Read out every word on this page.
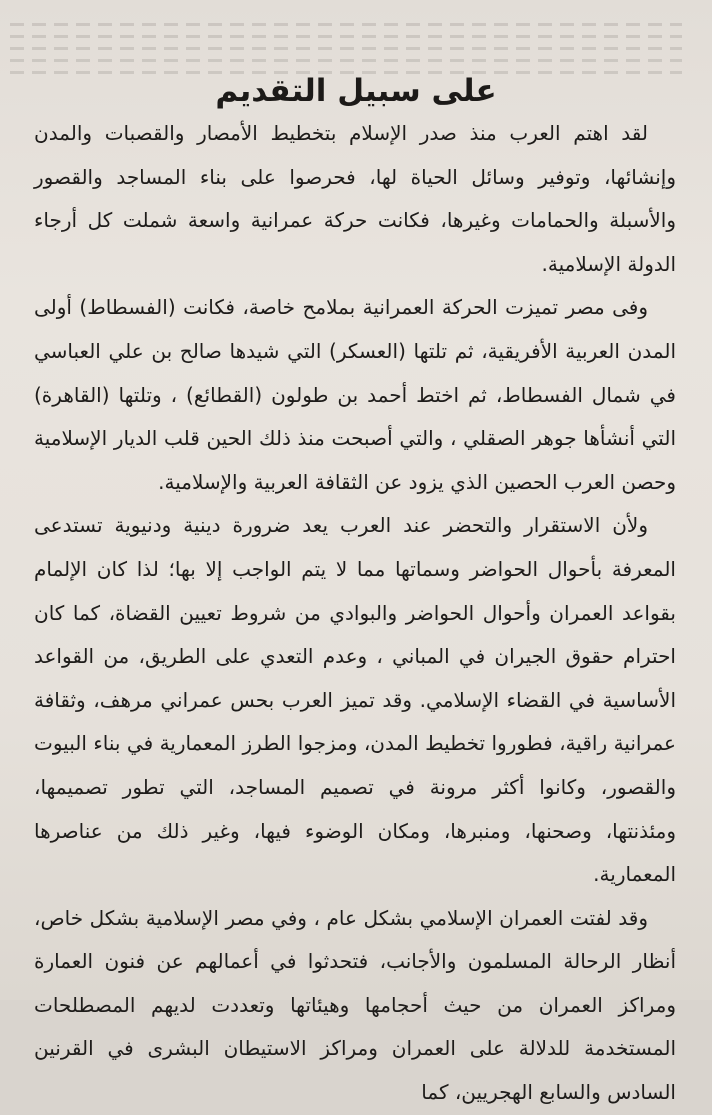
على سبيل التقديم

لقد اهتم العرب منذ صدر الإسلام بتخطيط الأمصار والقصبات والمدن وإنشائها، وتوفير وسائل الحياة لها، فحرصوا على بناء المساجد والقصور والأسبلة والحمامات وغيرها، فكانت حركة عمرانية واسعة شملت كل أرجاء الدولة الإسلامية.

وفى مصر تميزت الحركة العمرانية بملامح خاصة، فكانت (الفسطاط) أولى المدن العربية الأفريقية، ثم تلتها (العسكر) التي شيدها صالح بن علي العباسي في شمال الفسطاط، ثم اختط أحمد بن طولون (القطائع) ، وتلتها (القاهرة) التي أنشأها جوهر الصقلي ، والتي أصبحت منذ ذلك الحين قلب الديار الإسلامية وحصن العرب الحصين الذي يزود عن الثقافة العربية والإسلامية.

ولأن الاستقرار والتحضر عند العرب يعد ضرورة دينية ودنيوية تستدعى المعرفة بأحوال الحواضر وسماتها مما لا يتم الواجب إلا بها؛ لذا كان الإلمام بقواعد العمران وأحوال الحواضر والبوادي من شروط تعيين القضاة، كما كان احترام حقوق الجيران في المباني ، وعدم التعدي على الطريق، من القواعد الأساسية في القضاء الإسلامي. وقد تميز العرب بحس عمراني مرهف، وثقافة عمرانية راقية، فطوروا تخطيط المدن، ومزجوا الطرز المعمارية في بناء البيوت والقصور، وكانوا أكثر مرونة في تصميم المساجد، التي تطور تصميمها، ومئذنتها، وصحنها، ومنبرها، ومكان الوضوء فيها، وغير ذلك من عناصرها المعمارية.

وقد لفتت العمران الإسلامي بشكل عام ، وفي مصر الإسلامية بشكل خاص، أنظار الرحالة المسلمون والأجانب، فتحدثوا في أعمالهم عن فنون العمارة ومراكز العمران من حيث أحجامها وهيئاتها وتعددت لديهم المصطلحات المستخدمة للدلالة على العمران ومراكز الاستيطان البشرى في القرنين السادس والسابع الهجريين، كما
